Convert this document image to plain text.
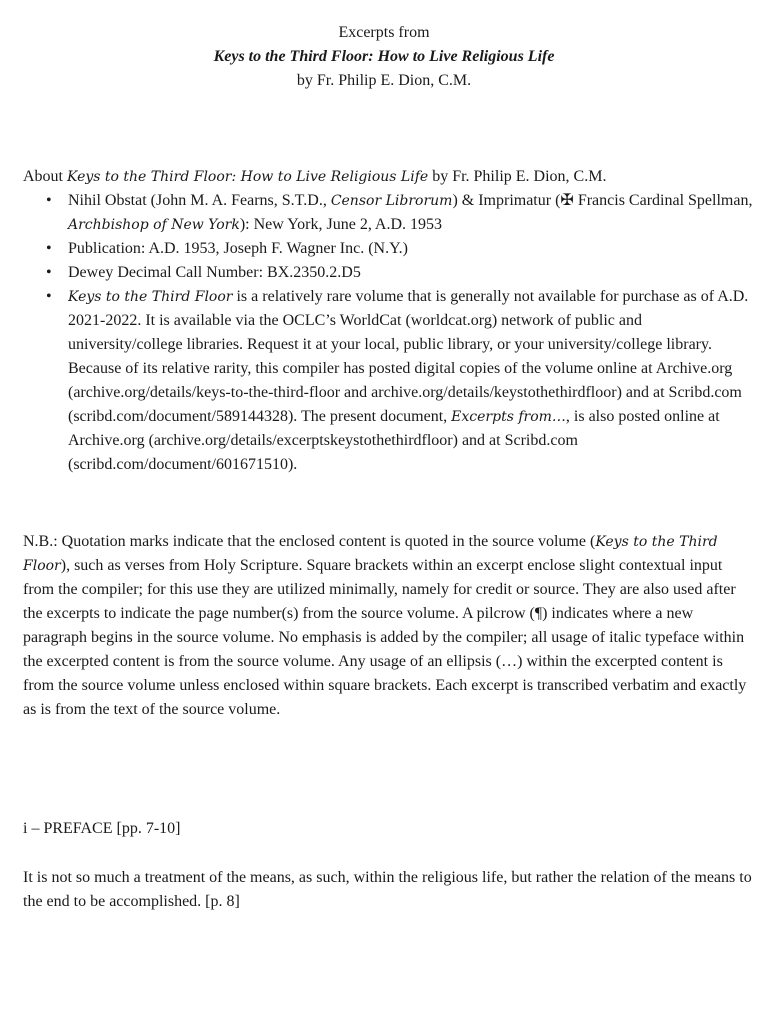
Excerpts from
Keys to the Third Floor: How to Live Religious Life
by Fr. Philip E. Dion, C.M.
About Keys to the Third Floor: How to Live Religious Life by Fr. Philip E. Dion, C.M.
• Nihil Obstat (John M. A. Fearns, S.T.D., Censor Librorum) & Imprimatur (✠ Francis Cardinal Spellman, Archbishop of New York): New York, June 2, A.D. 1953
• Publication: A.D. 1953, Joseph F. Wagner Inc. (N.Y.)
• Dewey Decimal Call Number: BX.2350.2.D5
• Keys to the Third Floor is a relatively rare volume that is generally not available for purchase as of A.D. 2021-2022. It is available via the OCLC’s WorldCat (worldcat.org) network of public and university/college libraries. Request it at your local, public library, or your university/college library. Because of its relative rarity, this compiler has posted digital copies of the volume online at Archive.org (archive.org/details/keys-to-the-third-floor and archive.org/details/keystothethirdfloor) and at Scribd.com (scribd.com/document/589144328). The present document, Excerpts from…, is also posted online at Archive.org (archive.org/details/excerptskeystothethirdfloor) and at Scribd.com (scribd.com/document/601671510).
N.B.: Quotation marks indicate that the enclosed content is quoted in the source volume (Keys to the Third Floor), such as verses from Holy Scripture. Square brackets within an excerpt enclose slight contextual input from the compiler; for this use they are utilized minimally, namely for credit or source. They are also used after the excerpts to indicate the page number(s) from the source volume. A pilcrow (¶) indicates where a new paragraph begins in the source volume. No emphasis is added by the compiler; all usage of italic typeface within the excerpted content is from the source volume. Any usage of an ellipsis (…) within the excerpted content is from the source volume unless enclosed within square brackets. Each excerpt is transcribed verbatim and exactly as is from the text of the source volume.
i – PREFACE [pp. 7-10]
It is not so much a treatment of the means, as such, within the religious life, but rather the relation of the means to the end to be accomplished. [p. 8]
